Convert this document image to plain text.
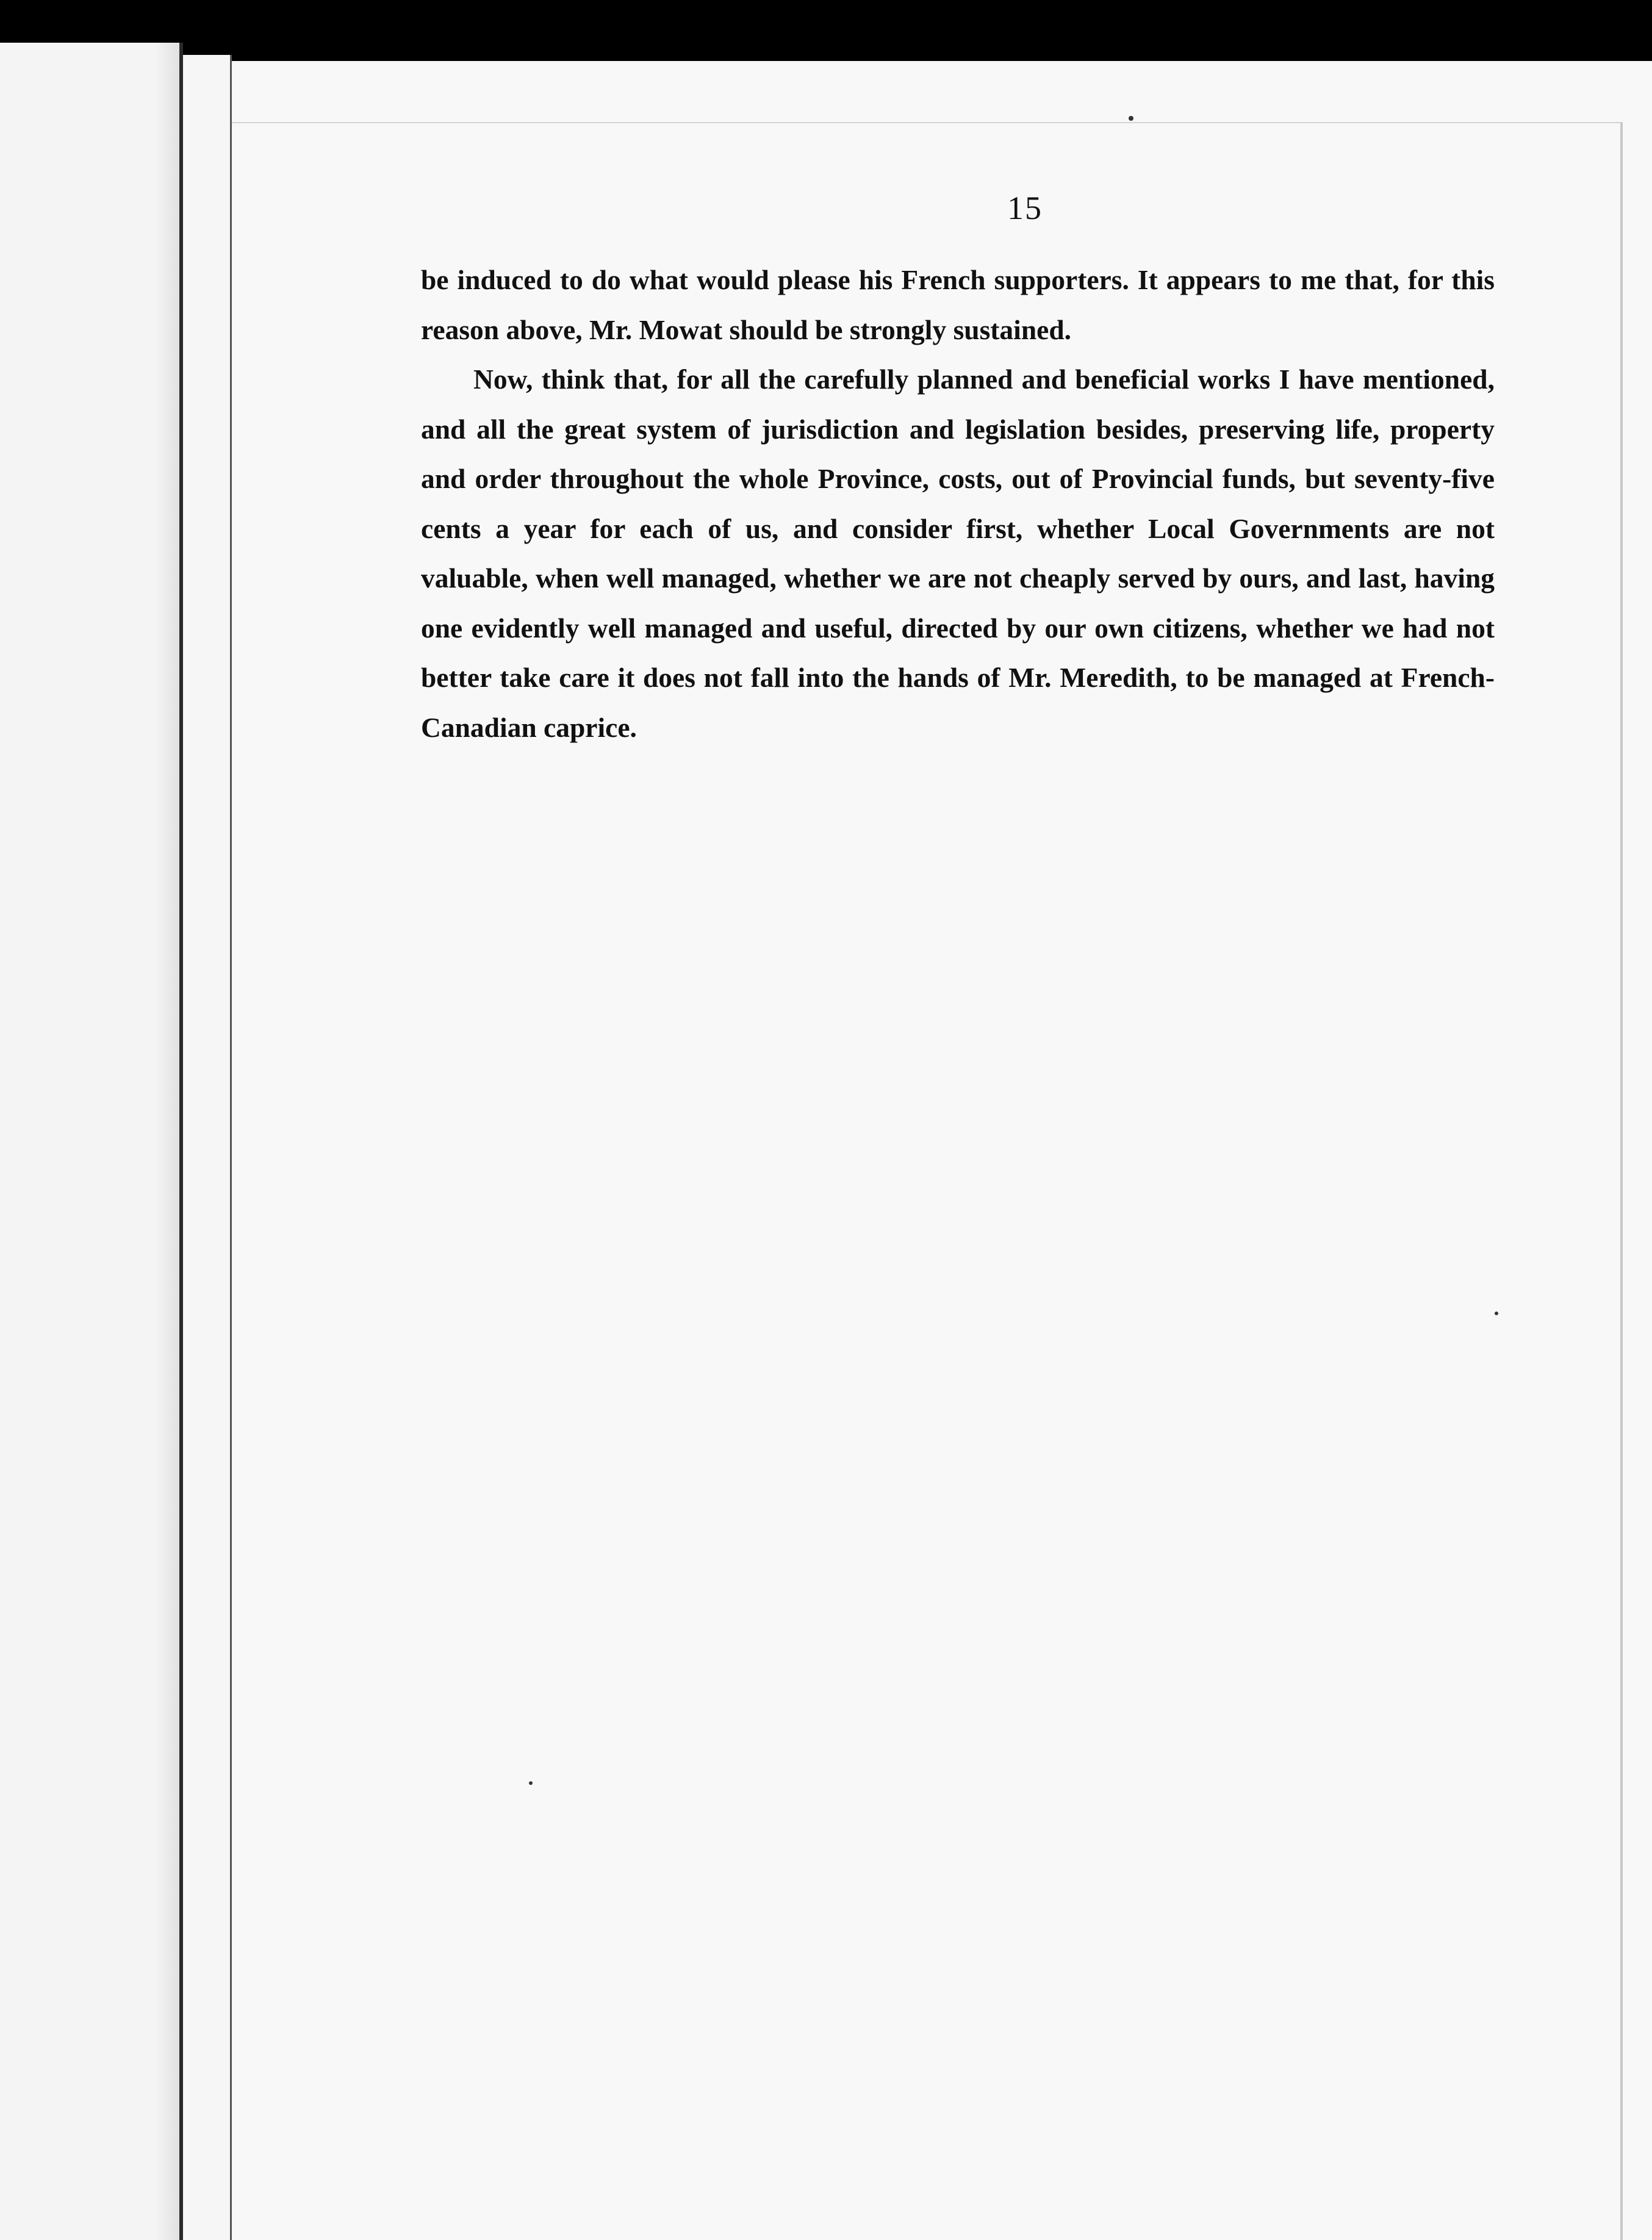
15

be induced to do what would please his French supporters. It appears to me that, for this reason above, Mr. Mowat should be strongly sustained.

Now, think that, for all the carefully planned and beneficial works I have mentioned, and all the great system of jurisdiction and legislation besides, preserving life, property and order throughout the whole Province, costs, out of Provincial funds, but seventy-five cents a year for each of us, and consider first, whether Local Governments are not valuable, when well managed, whether we are not cheaply served by ours, and last, having one evidently well managed and useful, directed by our own citizens, whether we had not better take care it does not fall into the hands of Mr. Meredith, to be managed at French-Canadian caprice.
